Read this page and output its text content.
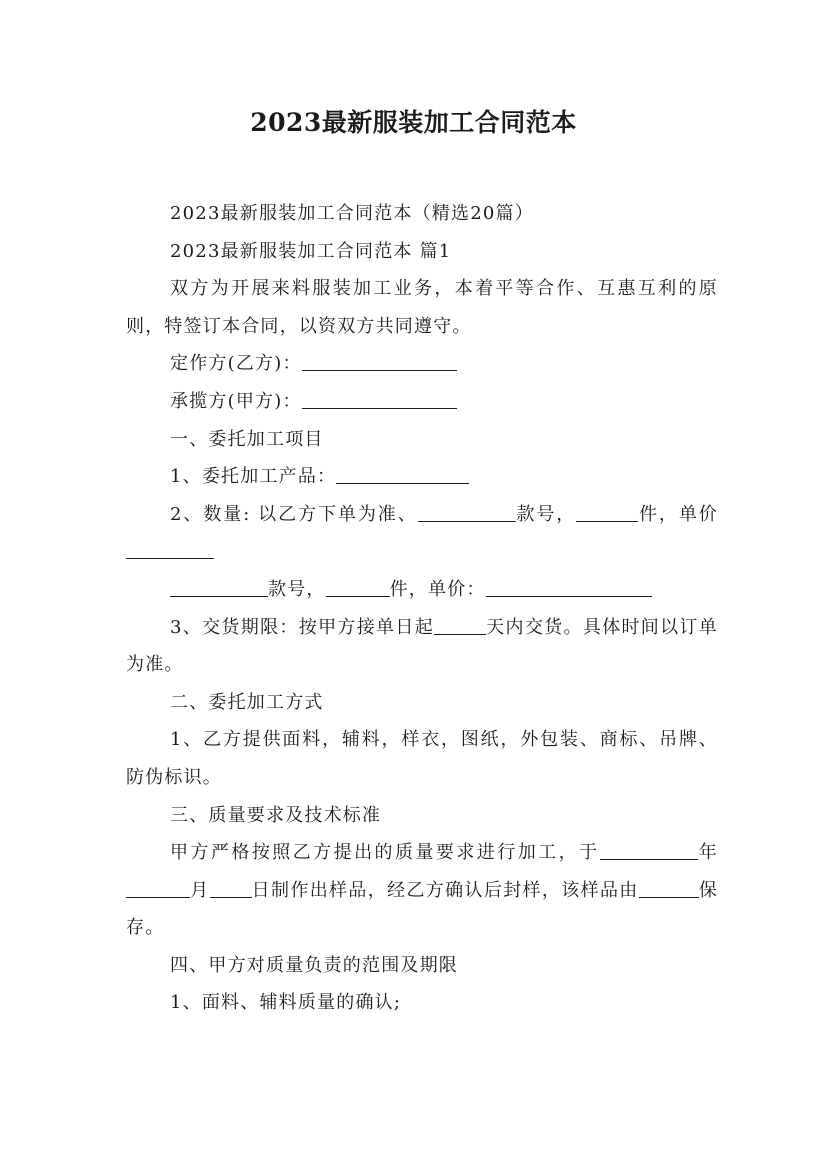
2023最新服装加工合同范本

2023最新服装加工合同范本（精选20篇）

2023最新服装加工合同范本 篇1

双方为开展来料服装加工业务，本着平等合作、互惠互利的原则，特签订本合同，以资双方共同遵守。

定作方(乙方)：

承揽方(甲方)：

一、委托加工项目

1、委托加工产品：

2、数量: 以乙方下单为准、	款号，	件，单价

款号，	件，单价：

3、交货期限：按甲方接单日起	天内交货。具体时间以订单为准。

二、委托加工方式

1、乙方提供面料，辅料，样衣，图纸，外包装、商标、吊牌、防伪标识。

三、质量要求及技术标准

甲方严格按照乙方提出的质量要求进行加工，于	年月 日制作出样品，经乙方确认后封样，该样品由	保存。

四、甲方对质量负责的范围及期限

1、面料、辅料质量的确认;
